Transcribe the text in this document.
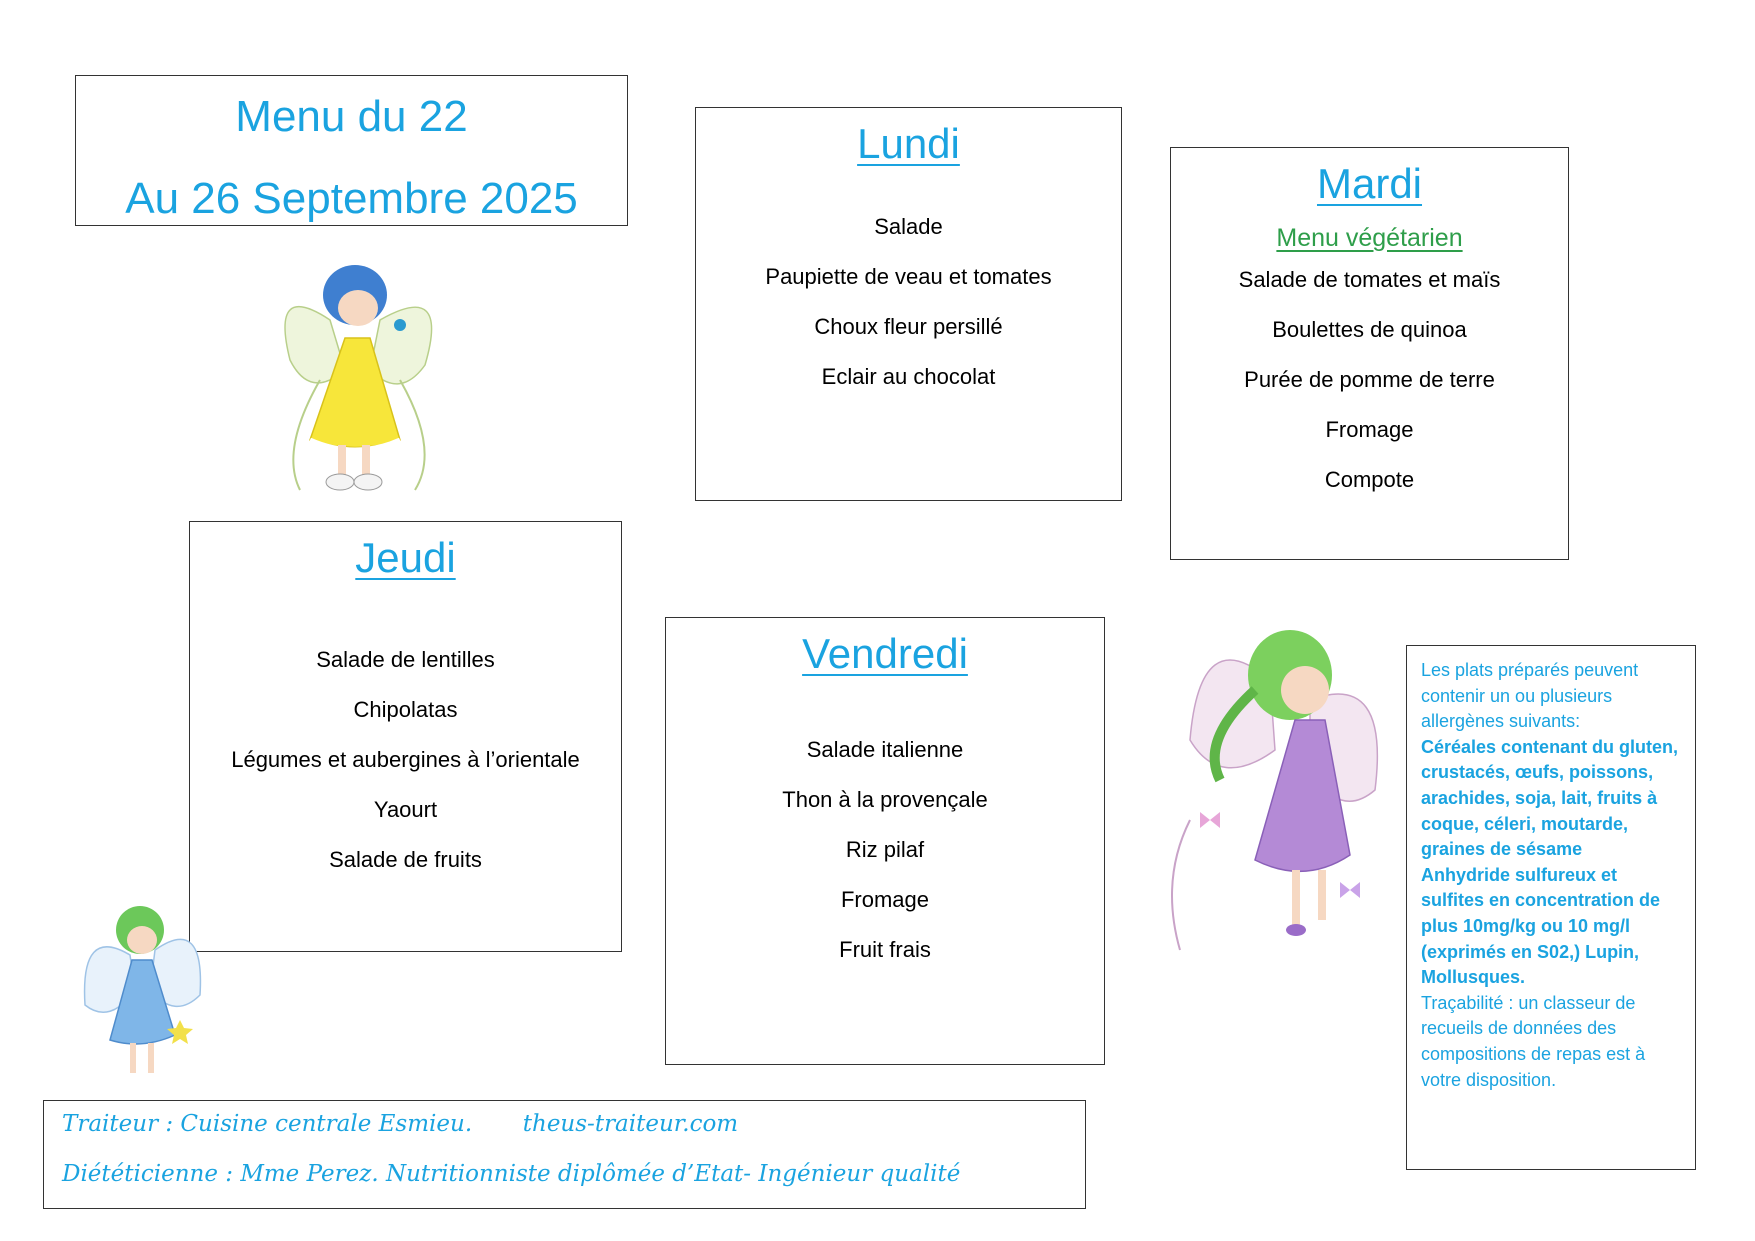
Menu du 22
Au 26 Septembre 2025
Lundi
Salade
Paupiette de veau et tomates
Choux fleur persillé
Eclair au chocolat
Mardi
Menu végétarien
Salade de tomates et maïs
Boulettes de quinoa
Purée de pomme de terre
Fromage
Compote
Jeudi
Salade de lentilles
Chipolatas
Légumes et aubergines à l’orientale
Yaourt
Salade de fruits
Vendredi
Salade italienne
Thon à la provençale
Riz pilaf
Fromage
Fruit frais
Les plats préparés peuvent contenir un ou plusieurs allergènes suivants:
Céréales contenant du gluten, crustacés, œufs, poissons, arachides, soja, lait, fruits à coque, céleri, moutarde, graines de sésame
Anhydride sulfureux et sulfites en concentration de plus 10mg/kg ou 10 mg/l (exprimés en S02,) Lupin, Mollusques.
Traçabilité : un classeur de recueils de données des compositions de repas est à votre disposition.
Traiteur : Cuisine centrale Esmieu. theus-traiteur.com
Diététicienne : Mme Perez. Nutritionniste diplômée d’Etat- Ingénieur qualité
